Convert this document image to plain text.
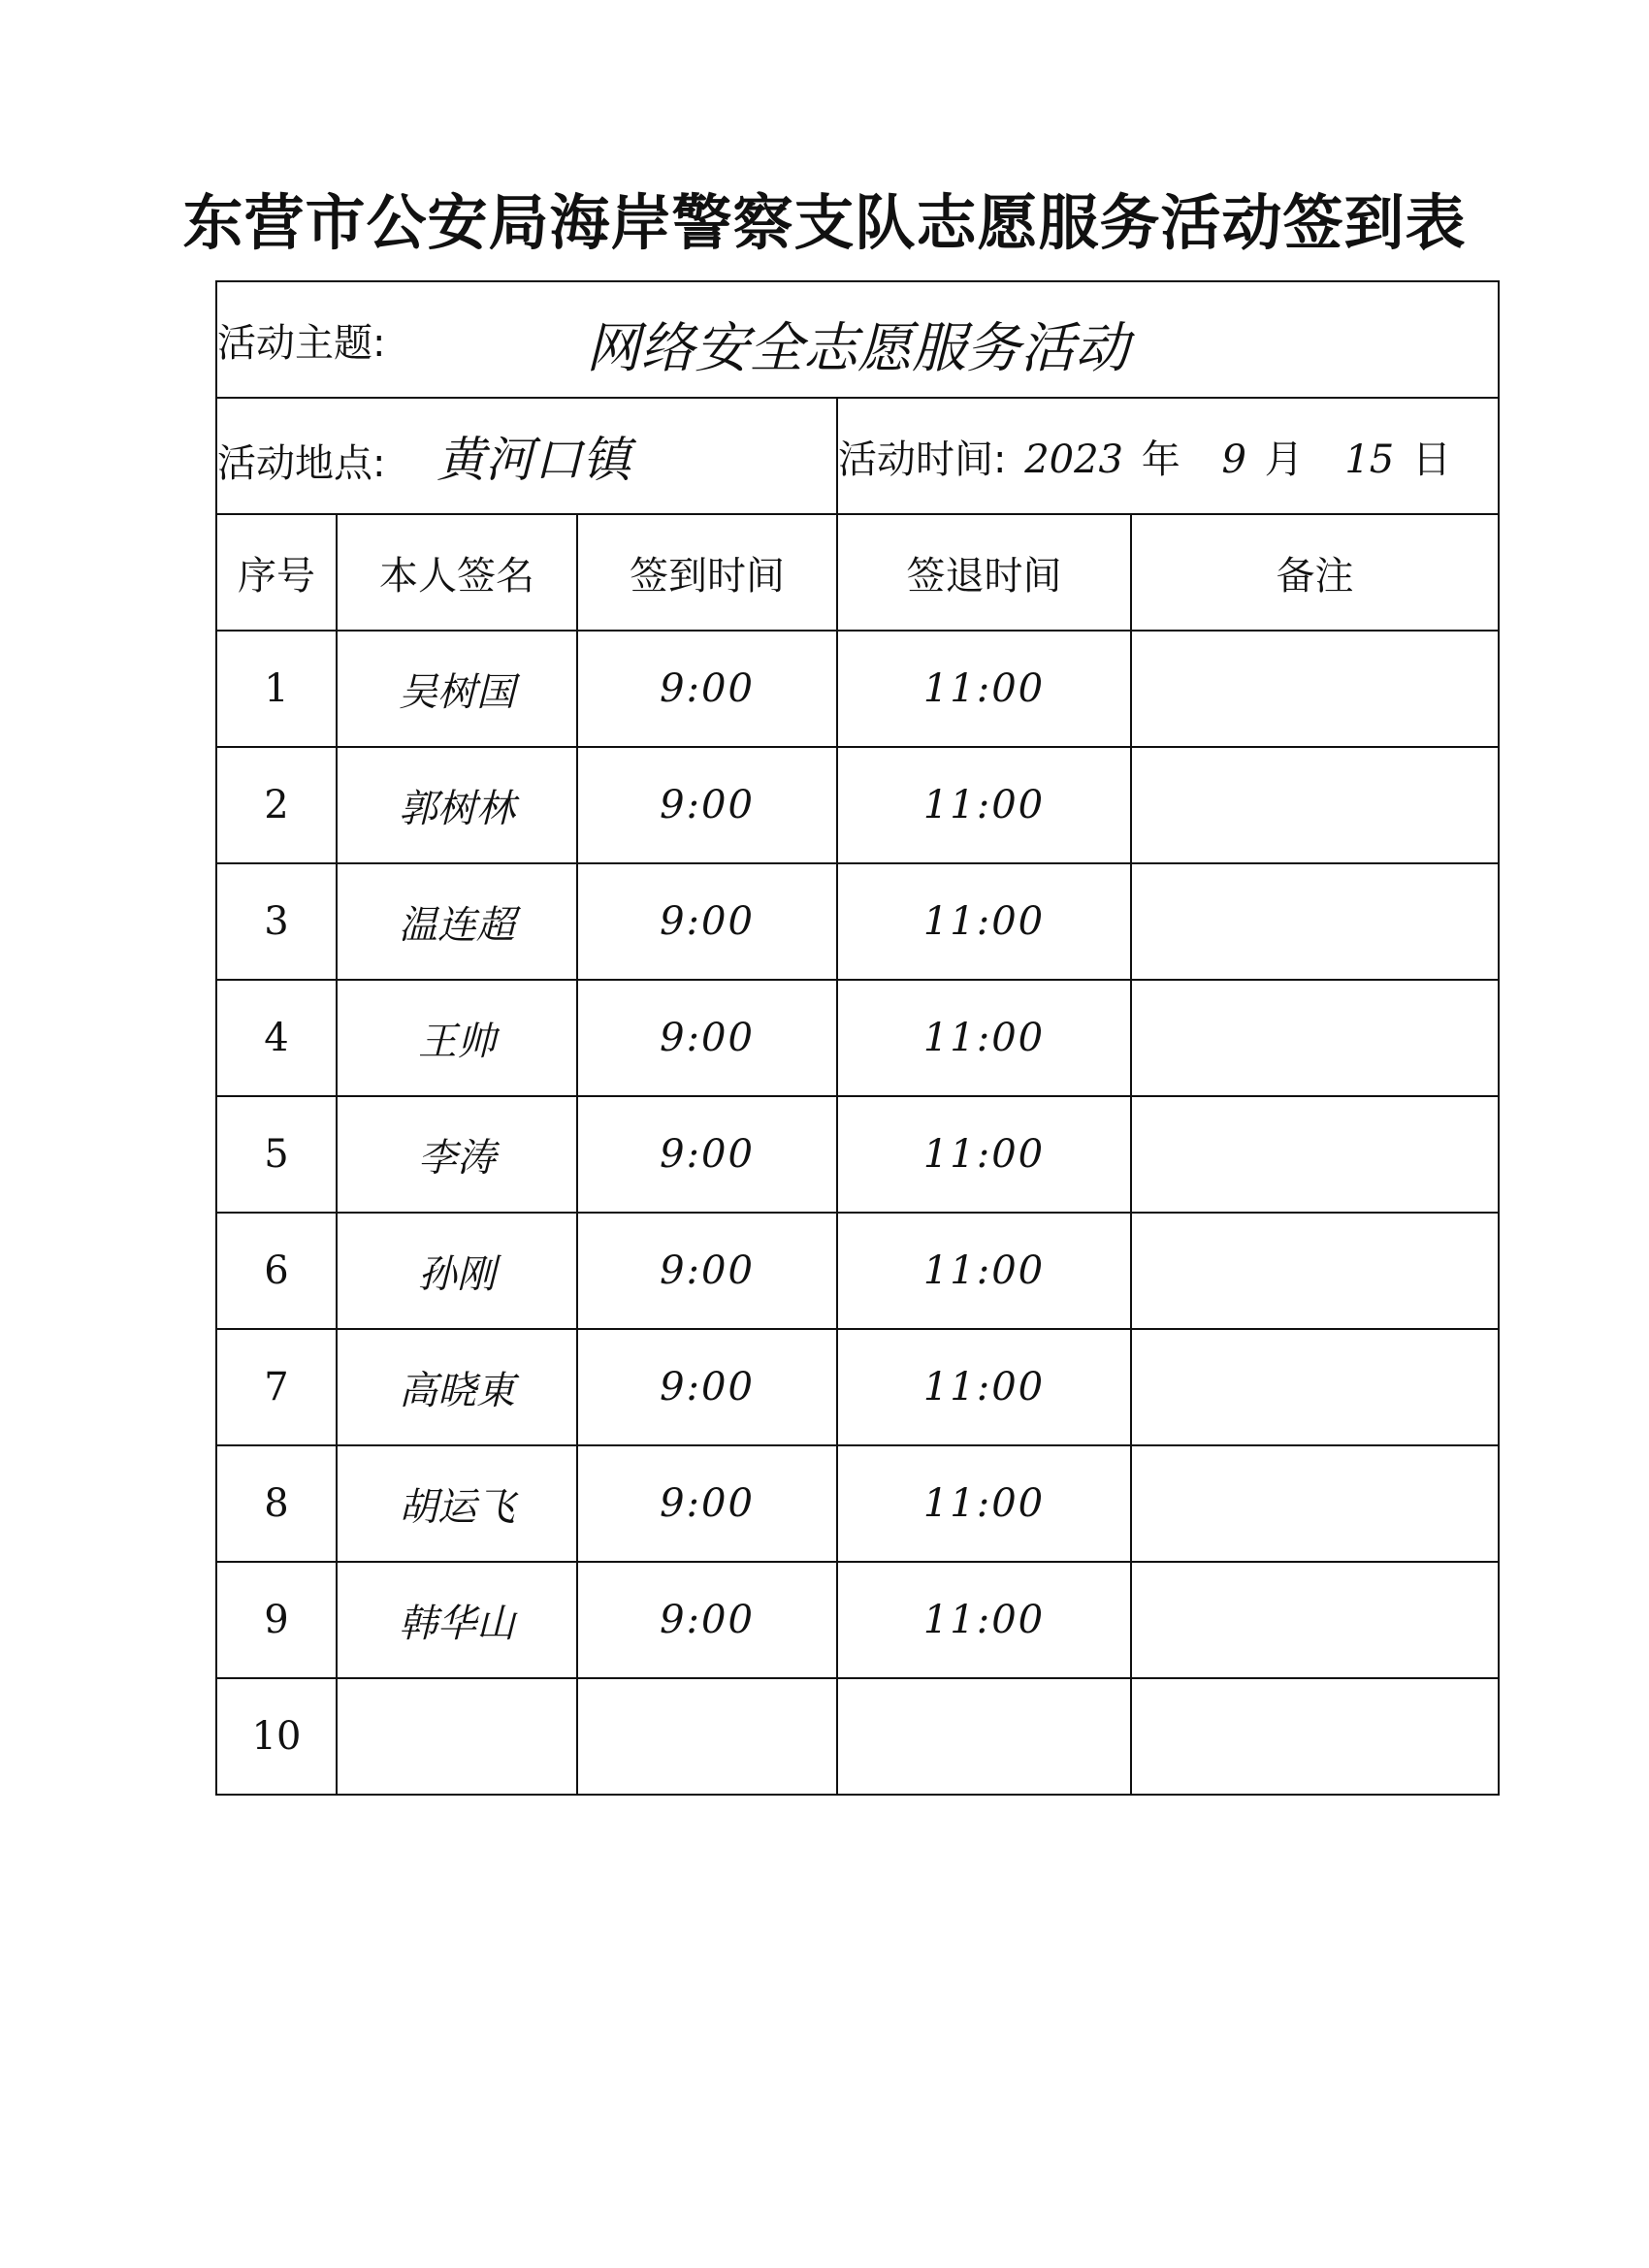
东营市公安局海岸警察支队志愿服务活动签到表
活动主题: 网络安全志愿服务活动				

活动地点: 黄河口镇			活动时间: 2023 年 9 月 15 日	
序号	本人签名	签到时间	签退时间	备注
1	吴树国	9:00	11:00	
2	郭树林	9:00	11:00	
3	温连超	9:00	11:00	
4	王帅	9:00	11:00	
5	李涛	9:00	11:00	
6	孙刚	9:00	11:00	
7	高晓東	9:00	11:00	
8	胡运飞	9:00	11:00	
9	韩华山	9:00	11:00	
10				
